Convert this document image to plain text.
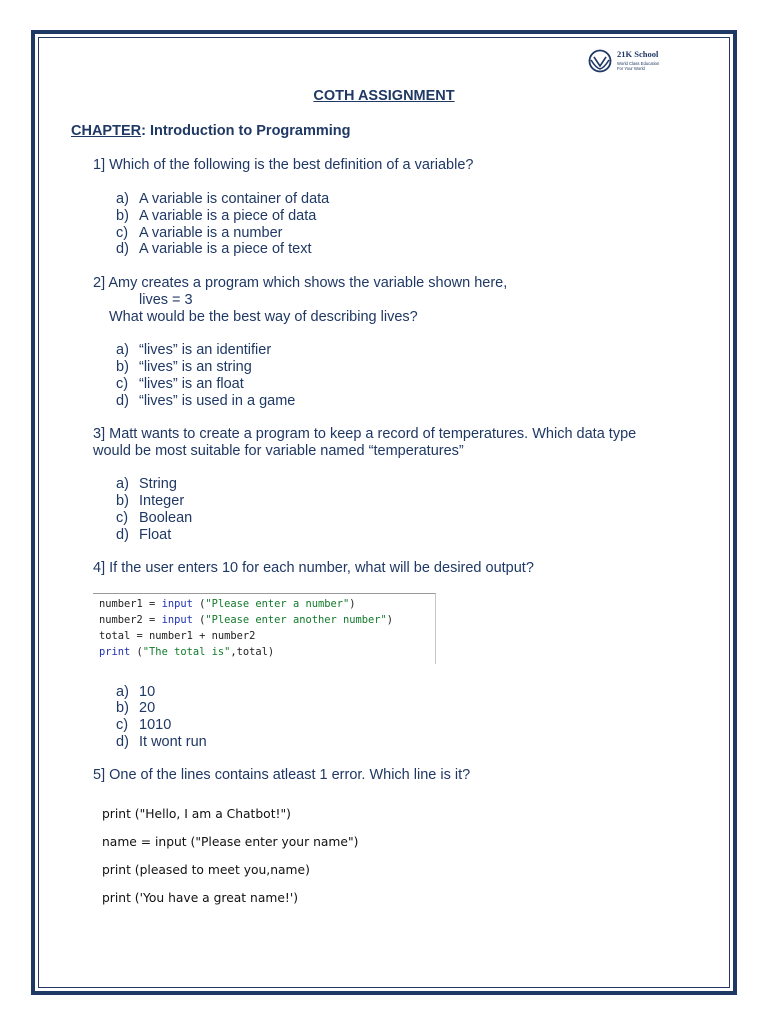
21K School
World Class Education
For Your World
COTH ASSIGNMENT
CHAPTER: Introduction to Programming
1] Which of the following is the best definition of a variable?
a) A variable is container of data
b) A variable is a piece of data
c) A variable is a number
d) A variable is a piece of text
2] Amy creates a program which shows the variable shown here,
lives = 3
What would be the best way of describing lives?
a) “lives” is an identifier
b) “lives” is an string
c) “lives” is an float
d) “lives” is used in a game
3] Matt wants to create a program to keep a record of temperatures. Which data type
would be most suitable for variable named “temperatures”
a) String
b) Integer
c) Boolean
d) Float
4] If the user enters 10 for each number, what will be desired output?
number1 = input ("Please enter a number")
number2 = input ("Please enter another number")
total = number1 + number2
print ("The total is",total)
a) 10
b) 20
c) 1010
d) It wont run
5] One of the lines contains atleast 1 error. Which line is it?
print ("Hello, I am a Chatbot!")
name = input ("Please enter your name")
print (pleased to meet you,name)
print ('You have a great name!')
